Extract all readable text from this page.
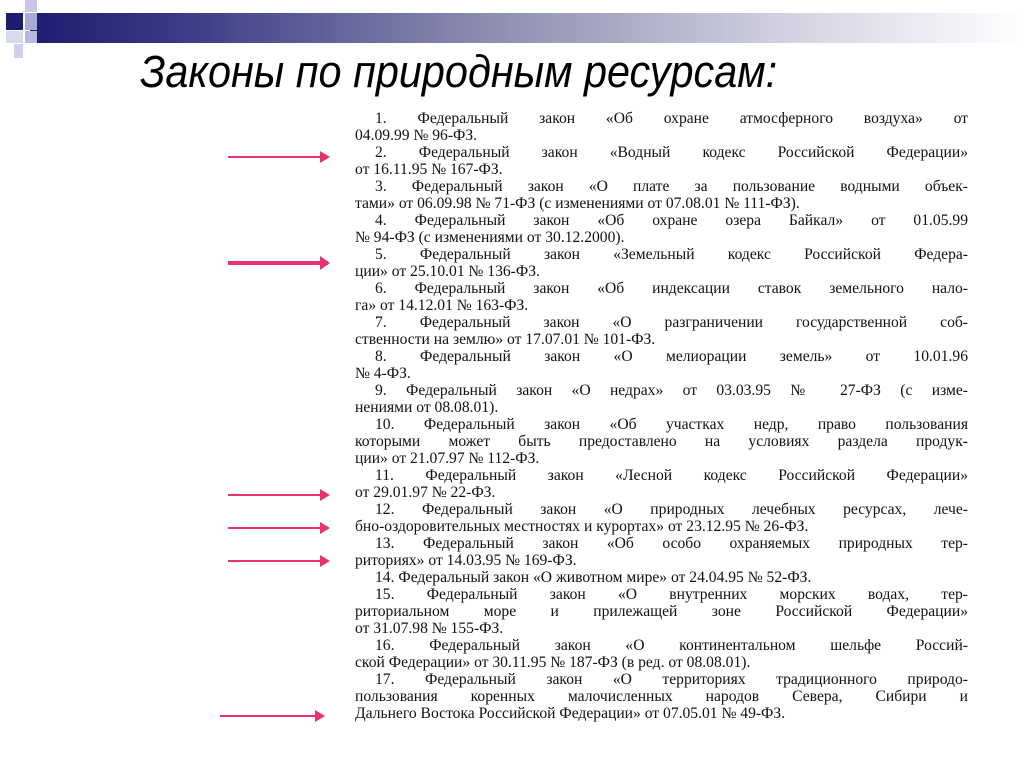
Законы по природным ресурсам:
1. Федеральный закон «Об охране атмосферного воздуха» от
04.09.99 № 96-ФЗ.
2. Федеральный закон «Водный кодекс Российской Федерации»
от 16.11.95 № 167-ФЗ.
3. Федеральный закон «О плате за пользование водными объек-
тами» от 06.09.98 № 71-ФЗ (с изменениями от 07.08.01 № 111-ФЗ).
4. Федеральный закон «Об охране озера Байкал» от 01.05.99
№ 94-ФЗ (с изменениями от 30.12.2000).
5. Федеральный закон «Земельный кодекс Российской Федера-
ции» от 25.10.01 № 136-ФЗ.
6. Федеральный закон «Об индексации ставок земельного нало-
га» от 14.12.01 № 163-ФЗ.
7. Федеральный закон «О разграничении государственной соб-
ственности на землю» от 17.07.01 № 101-ФЗ.
8. Федеральный закон «О мелиорации земель» от 10.01.96
№ 4-ФЗ.
9. Федеральный закон «О недрах» от 03.03.95 № 27-ФЗ (с изме-
нениями от 08.08.01).
10. Федеральный закон «Об участках недр, право пользования
которыми может быть предоставлено на условиях раздела продук-
ции» от 21.07.97 № 112-ФЗ.
11. Федеральный закон «Лесной кодекс Российской Федерации»
от 29.01.97 № 22-ФЗ.
12. Федеральный закон «О природных лечебных ресурсах, лече-
бно-оздоровительных местностях и курортах» от 23.12.95 № 26-ФЗ.
13. Федеральный закон «Об особо охраняемых природных тер-
риториях» от 14.03.95 № 169-ФЗ.
14. Федеральный закон «О животном мире» от 24.04.95 № 52-ФЗ.
15. Федеральный закон «О внутренних морских водах, тер-
риториальном море и прилежащей зоне Российской Федерации»
от 31.07.98 № 155-ФЗ.
16. Федеральный закон «О континентальном шельфе Россий-
ской Федерации» от 30.11.95 № 187-ФЗ (в ред. от 08.08.01).
17. Федеральный закон «О территориях традиционного природо-
пользования коренных малочисленных народов Севера, Сибири и
Дальнего Востока Российской Федерации» от 07.05.01 № 49-ФЗ.
